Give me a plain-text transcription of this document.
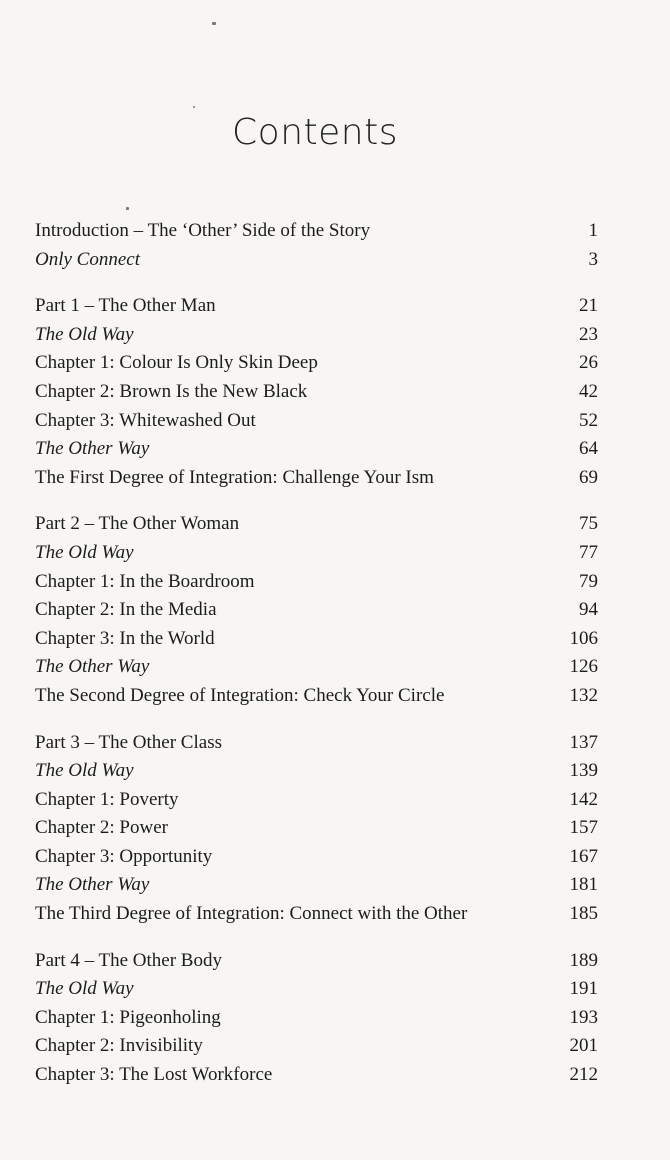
Contents
Introduction – The ‘Other’ Side of the Story	1
Only Connect	3
Part 1 – The Other Man	21
The Old Way	23
Chapter 1: Colour Is Only Skin Deep	26
Chapter 2: Brown Is the New Black	42
Chapter 3: Whitewashed Out	52
The Other Way	64
The First Degree of Integration: Challenge Your Ism	69
Part 2 – The Other Woman	75
The Old Way	77
Chapter 1: In the Boardroom	79
Chapter 2: In the Media	94
Chapter 3: In the World	106
The Other Way	126
The Second Degree of Integration: Check Your Circle	132
Part 3 – The Other Class	137
The Old Way	139
Chapter 1: Poverty	142
Chapter 2: Power	157
Chapter 3: Opportunity	167
The Other Way	181
The Third Degree of Integration: Connect with the Other	185
Part 4 – The Other Body	189
The Old Way	191
Chapter 1: Pigeonholing	193
Chapter 2: Invisibility	201
Chapter 3: The Lost Workforce	212
